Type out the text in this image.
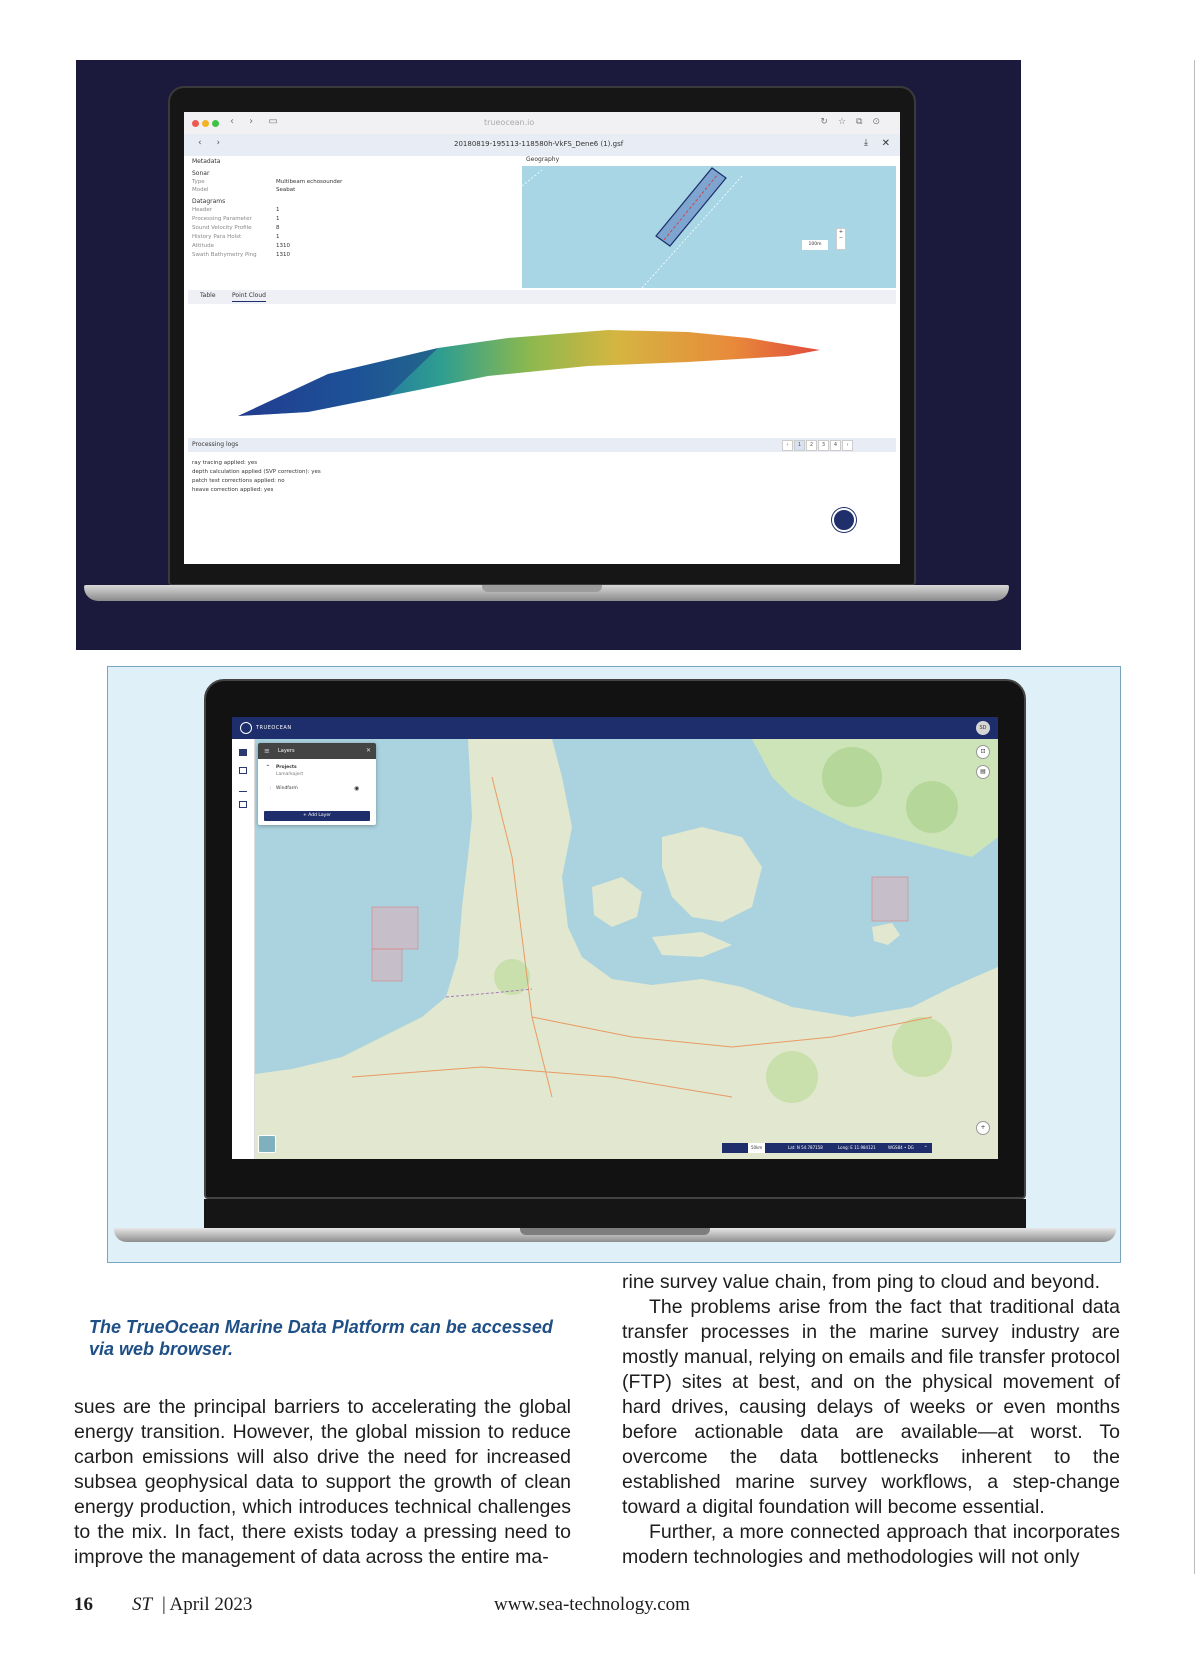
‹ › ▭	trueocean.io	↻☆⧉⊙
‹ ›	20180819-195113-118580h-VkFS_Dene6 (1).gsf	⤓ ✕
Metadata
Sonar
Type	Multibeam echosounder
Model	Seabat
Datagrams
Header	1
Processing Parameter	1
Sound Velocity Profile	8
History Para Holst	1
Attitude	1310
Swath Bathymetry Ping	1310
Geography
100m
+
−
Table	Point Cloud
Processing logs	‹	1	2	3	4	›
ray tracing applied: yes
depth calculation applied (SVP correction): yes
patch test corrections applied: no
heave correction applied: yes
TRUEOCEAN	SD
≡ Layers	✕
^ Projects
Lamarkajert
⋮ Windfarm	◉
+ Add Layer
⊡
▤
+
50km	Lat: N 54.787158	Long: E 11.984121	WGS84 • DG	^
The TrueOcean Marine Data Platform can be accessed via web browser.

sues are the principal barriers to accelerating the global energy transition. However, the global mission to reduce carbon emissions will also drive the need for increased subsea geophysical data to support the growth of clean energy production, which introduces technical challenges to the mix. In fact, there exists today a pressing need to improve the management of data across the entire ma-

rine survey value chain, from ping to cloud and beyond.

The problems arise from the fact that traditional data transfer processes in the marine survey industry are mostly manual, relying on emails and file transfer protocol (FTP) sites at best, and on the physical movement of hard drives, causing delays of weeks or even months before actionable data are available—at worst. To overcome the data bottlenecks inherent to the established marine survey workflows, a step-change toward a digital foundation will become essential.

Further, a more connected approach that incorporates modern technologies and methodologies will not only

16 ST | April 2023	www.sea-technology.com
